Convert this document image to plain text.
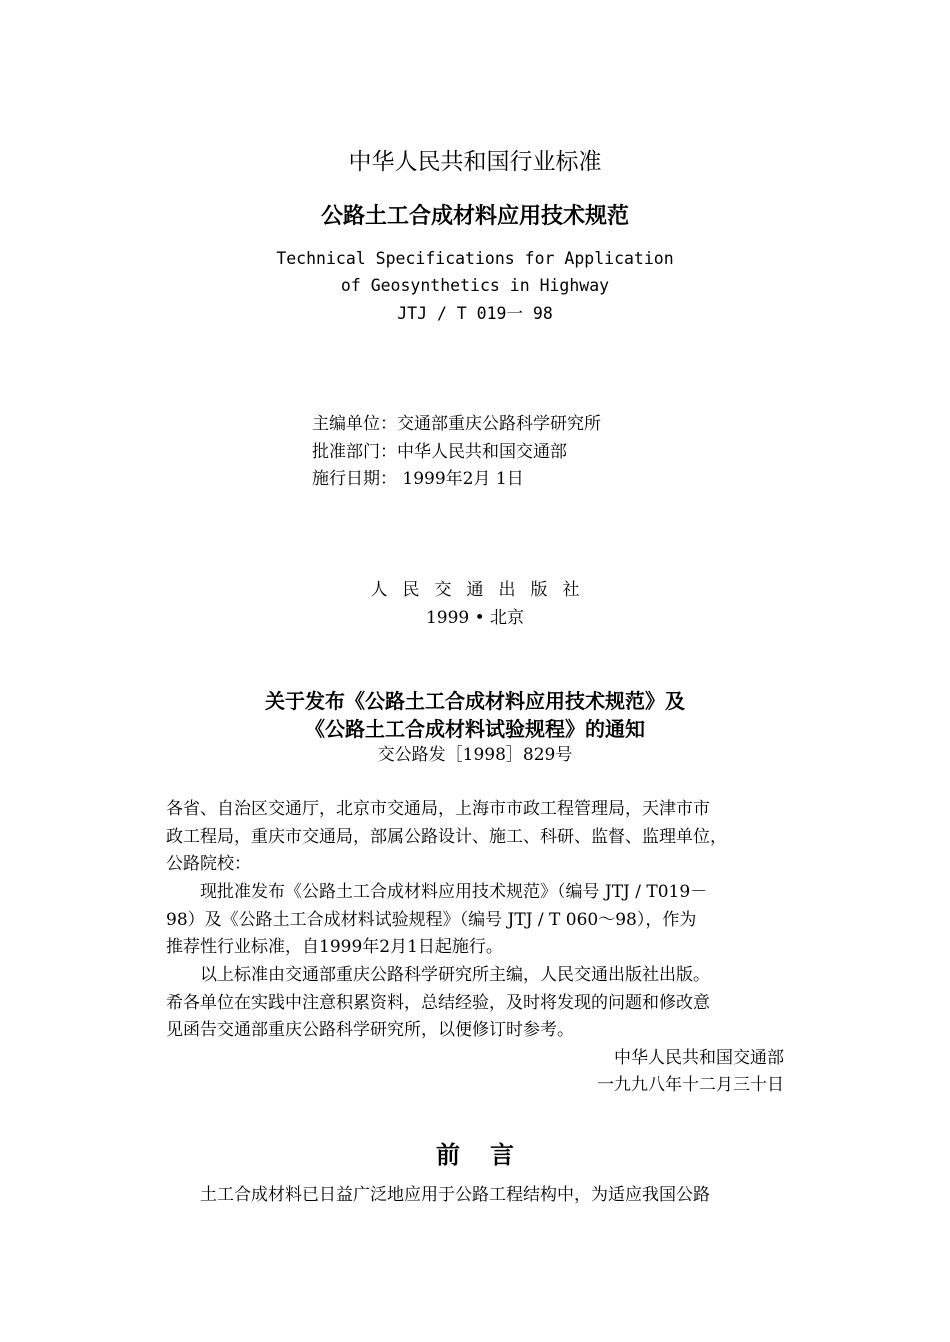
中华人民共和国行业标准
公路土工合成材料应用技术规范
Technical Specifications for Application
of Geosynthetics in Highway
JTJ / T 019一 98
主编单位：交通部重庆公路科学研究所
批准部门：中华人民共和国交通部
施行日期： 1999年2月 1日
人民交通出版社
1999 • 北京
关于发布《公路土工合成材料应用技术规范》及
《公路土工合成材料试验规程》的通知
交公路发［1998］829号
各省、自治区交通厅，北京市交通局，上海市市政工程管理局，天津市市
政工程局，重庆市交通局，部属公路设计、施工、科研、监督、监理单位，
公路院校：
　　现批准发布《公路土工合成材料应用技术规范》（编号 JTJ / T019－
98）及《公路土工合成材料试验规程》（编号 JTJ / T 060～98），作为
推荐性行业标准，自1999年2月1日起施行。
　　以上标准由交通部重庆公路科学研究所主编，人民交通出版社出版。
希各单位在实践中注意积累资料，总结经验，及时将发现的问题和修改意
见函告交通部重庆公路科学研究所，以便修订时参考。
中华人民共和国交通部
一九九八年十二月三十日
前言
　　土工合成材料已日益广泛地应用于公路工程结构中，为适应我国公路
